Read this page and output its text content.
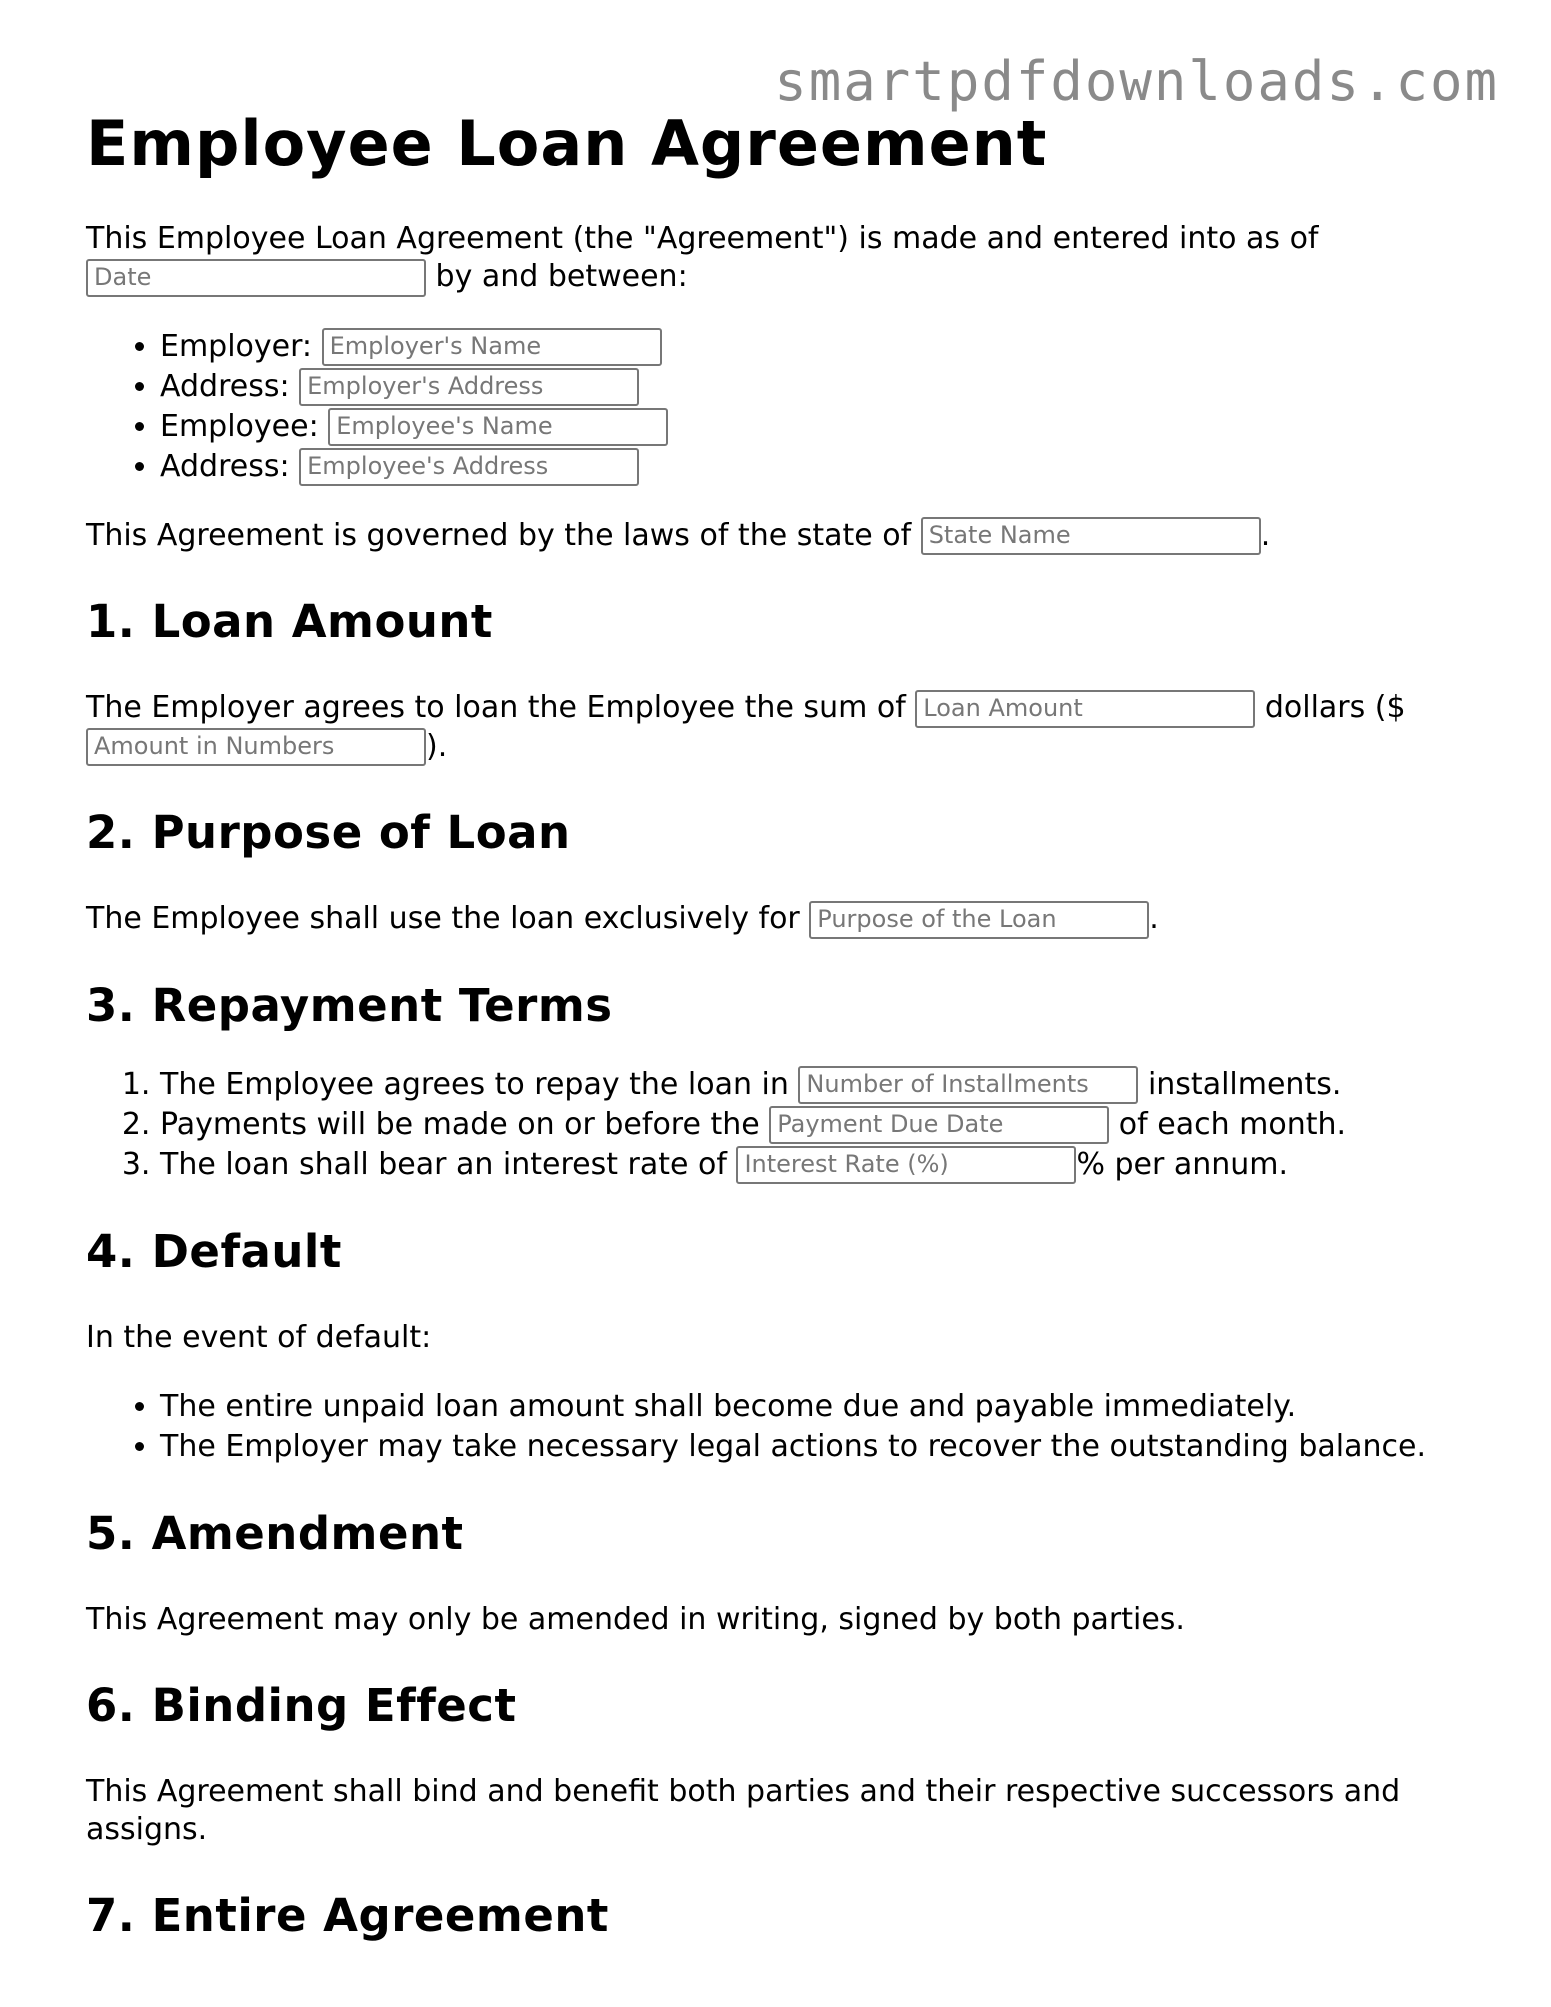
smartpdfdownloads.com
Employee Loan Agreement

This Employee Loan Agreement (the "Agreement") is made and entered into as of
Date	by and between:

• Employer: Employer's Name
• Address: Employer's Address
• Employee: Employee's Name
• Address: Employee's Address

This Agreement is governed by the laws of the state of State Name	.

1. Loan Amount

The Employer agrees to loan the Employee the sum of Loan Amount	dollars ($
Amount in Numbers	).

2. Purpose of Loan

The Employee shall use the loan exclusively for Purpose of the Loan	.

3. Repayment Terms
1. The Employee agrees to repay the loan in Number of Installments installments.
2. Payments will be made on or before the Payment Due Date	of each month.
3. The loan shall bear an interest rate of Interest Rate (%)	% per annum.
4. Default

In the event of default:

• The entire unpaid loan amount shall become due and payable immediately.
• The Employer may take necessary legal actions to recover the outstanding balance.
5. Amendment

This Agreement may only be amended in writing, signed by both parties.

6. Binding Effect

This Agreement shall bind and benefit both parties and their respective successors and assigns.

7. Entire Agreement
